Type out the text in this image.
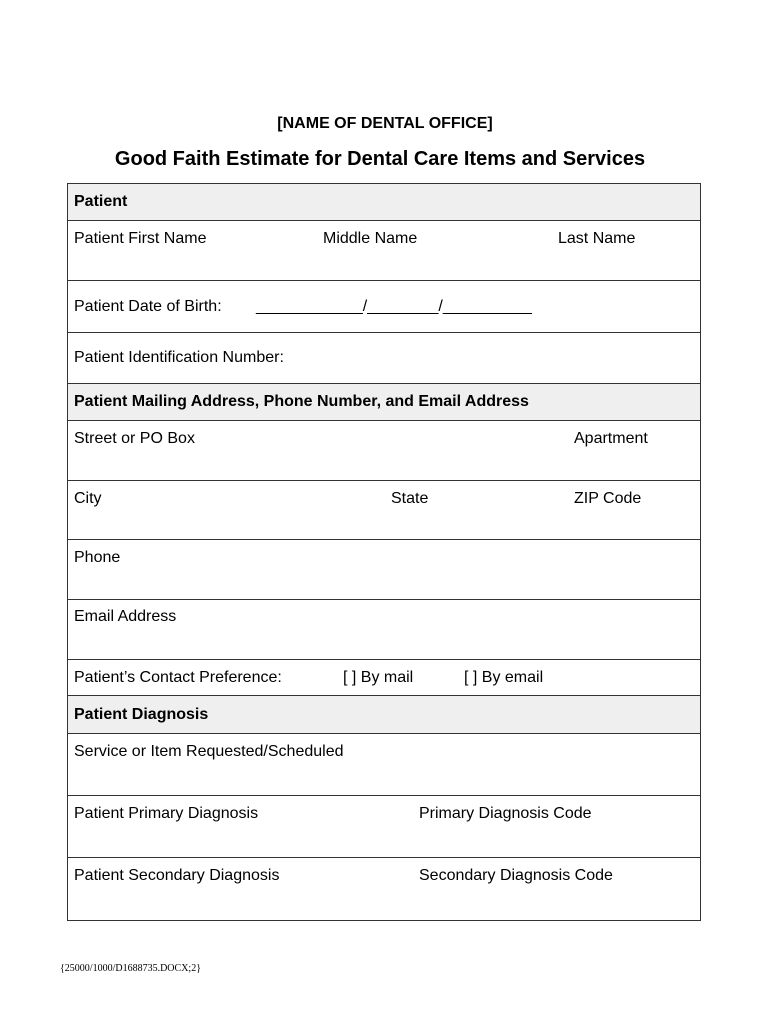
[NAME OF DENTAL OFFICE]
Good Faith Estimate for Dental Care Items and Services
Patient
Patient First Name	Middle Name	Last Name
Patient Date of Birth: ____________/________/__________
Patient Identification Number:
Patient Mailing Address, Phone Number, and Email Address
Street or PO Box	Apartment
City	State	ZIP Code
Phone
Email Address
Patient’s Contact Preference:	[ ] By mail	[ ] By email
Patient Diagnosis
Service or Item Requested/Scheduled
Patient Primary Diagnosis	Primary Diagnosis Code
Patient Secondary Diagnosis	Secondary Diagnosis Code
{25000/1000/D1688735.DOCX;2}
